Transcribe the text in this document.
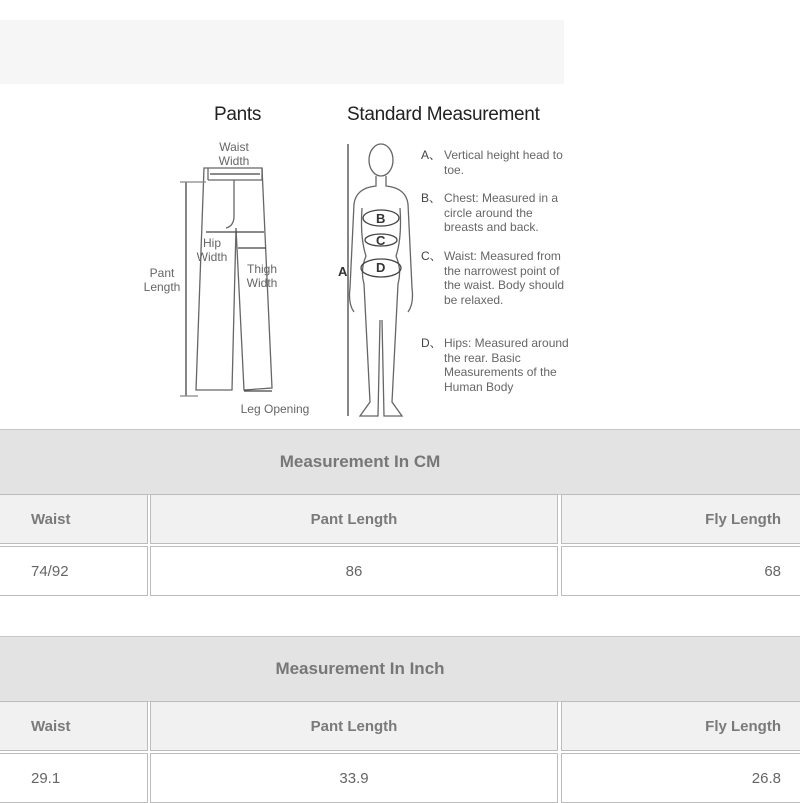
Pants	Standard Measurement
Waist
Width
Hip
Width
Thigh
Width
Pant
Length
Leg Opening
B
C
D
A
A、 Vertical height head to toe.
B、 Chest: Measured in a circle around the breasts and back.
C、 Waist: Measured from the narrowest point of the waist. Body should be relaxed.
D、 Hips: Measured around the rear. Basic Measurements of the Human Body
Measurement In CM
Waist	Pant Length	Fly Length
74/92	86	68
Measurement In Inch
Waist	Pant Length	Fly Length
29.1	33.9	26.8
